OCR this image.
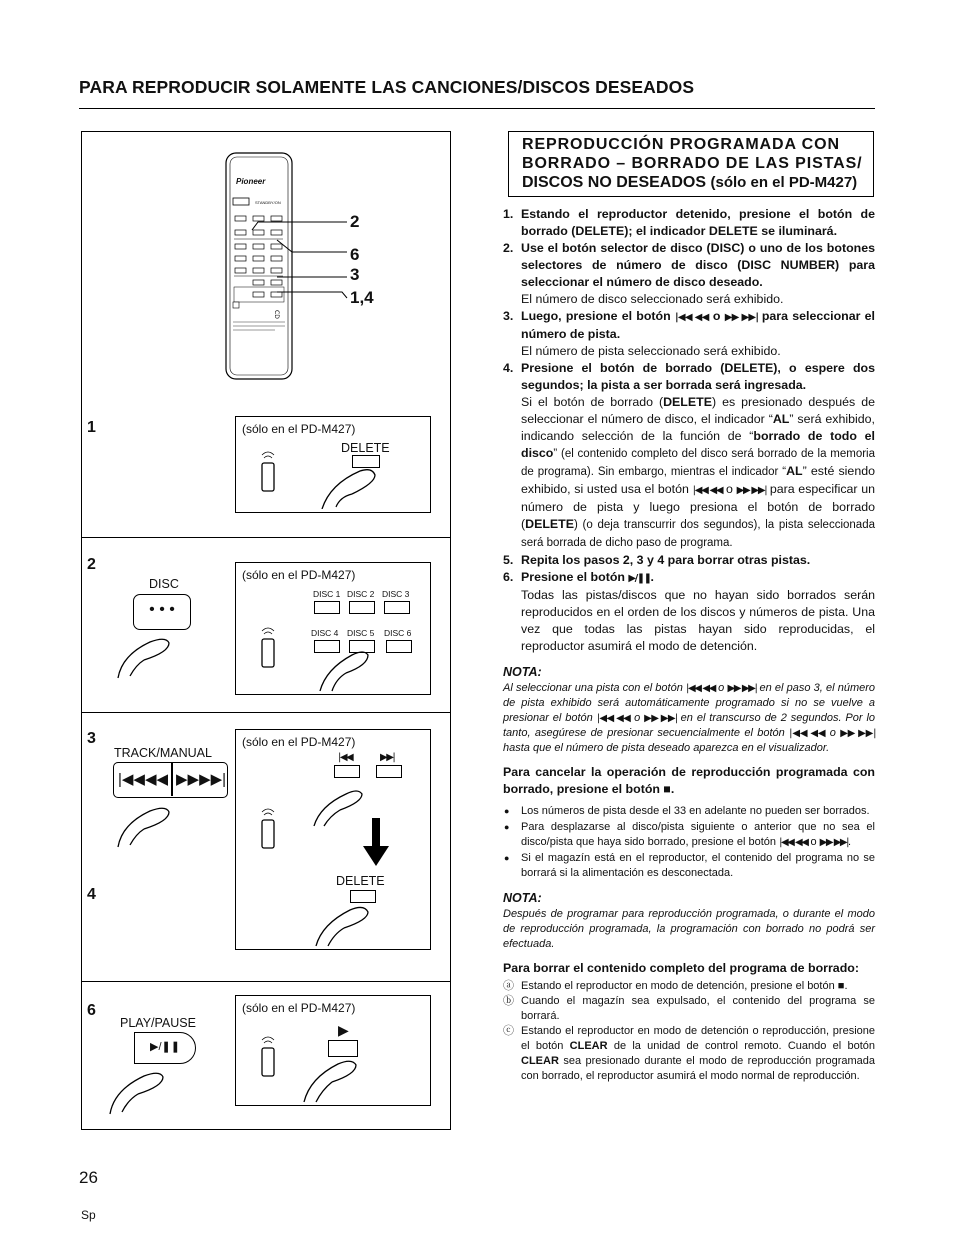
PARA REPRODUCIR SOLAMENTE LAS CANCIONES/DISCOS DESEADOS
CD
Pioneer
STANDBY/ON
2
6
3
1,4
1	(sólo en el PD-M427)
DELETE
2
DISC
• • •
(sólo en el PD-M427)
DISC 1 DISC 2 DISC 3
DISC 4 DISC 5 DISC 6
3
4
TRACK/MANUAL
|◀◀◀◀ ▶▶▶▶|
(sólo en el PD-M427)
|◀◀	▶▶|
DELETE
6
PLAY/PAUSE
▶/❚❚
(sólo en el PD-M427)
▶
REPRODUCCIÓN PROGRAMADA CON
BORRADO – BORRADO DE LAS PISTAS/
DISCOS NO DESEADOS (sólo en el PD-M427)
1. Estando el reproductor detenido, presione el botón de borrado (DELETE); el indicador DELETE se iluminará.
2. Use el botón selector de disco (DISC) o uno de los botones selectores de número de disco (DISC NUMBER) para seleccionar el número de disco deseado.
El número de disco seleccionado será exhibido.
3. Luego, presione el botón |◀◀ ◀◀ o ▶▶ ▶▶| para seleccionar el número de pista.
El número de pista seleccionado será exhibido.
4. Presione el botón de borrado (DELETE), o espere dos segundos; la pista a ser borrada será ingresada.
Si el botón de borrado (DELETE) es presionado después de seleccionar el número de disco, el indicador “AL” será exhibido, indicando selección de la función de “borrado de todo el disco” (el contenido completo del disco será borrado de la memoria de programa). Sin embargo, mientras el indicador “AL” esté siendo exhibido, si usted usa el botón |◀◀ ◀◀ o ▶▶ ▶▶| para especificar un número de pista y luego presiona el botón de borrado (DELETE) (o deja transcurrir dos segundos), la pista seleccionada será borrada de dicho paso de programa.
5. Repita los pasos 2, 3 y 4 para borrar otras pistas.
6. Presione el botón ▶/❚❚.
Todas las pistas/discos que no hayan sido borrados serán reproducidos en el orden de los discos y números de pista. Una vez que todas las pistas hayan sido reproducidas, el reproductor asumirá el modo de detención.
NOTA:
Al seleccionar una pista con el botón |◀◀ ◀◀ o ▶▶ ▶▶| en el paso 3, el número de pista exhibido será automáticamente programado si no se vuelve a presionar el botón |◀◀ ◀◀ o ▶▶ ▶▶| en el transcurso de 2 segundos. Por lo tanto, asegúrese de presionar secuencialmente el botón |◀◀ ◀◀ o ▶▶ ▶▶| hasta que el número de pista deseado aparezca en el visualizador.
Para cancelar la operación de reproducción programada con borrado, presione el botón ■.
● Los números de pista desde el 33 en adelante no pueden ser borrados.
● Para desplazarse al disco/pista siguiente o anterior que no sea el disco/pista que haya sido borrado, presione el botón |◀◀ ◀◀ o ▶▶ ▶▶|.
● Si el magazín está en el reproductor, el contenido del programa no se borrará si la alimentación es desconectada.
NOTA:
Después de programar para reproducción programada, o durante el modo de reproducción programada, la programación con borrado no podrá ser efectuada.
Para borrar el contenido completo del programa de borrado:
ⓐ Estando el reproductor en modo de detención, presione el botón ■.
ⓑ Cuando el magazín sea expulsado, el contenido del programa se borrará.
ⓒ Estando el reproductor en modo de detención o reproducción, presione el botón CLEAR de la unidad de control remoto. Cuando el botón CLEAR sea presionado durante el modo de reproducción programada con borrado, el reproductor asumirá el modo normal de reproducción.
26
Sp
